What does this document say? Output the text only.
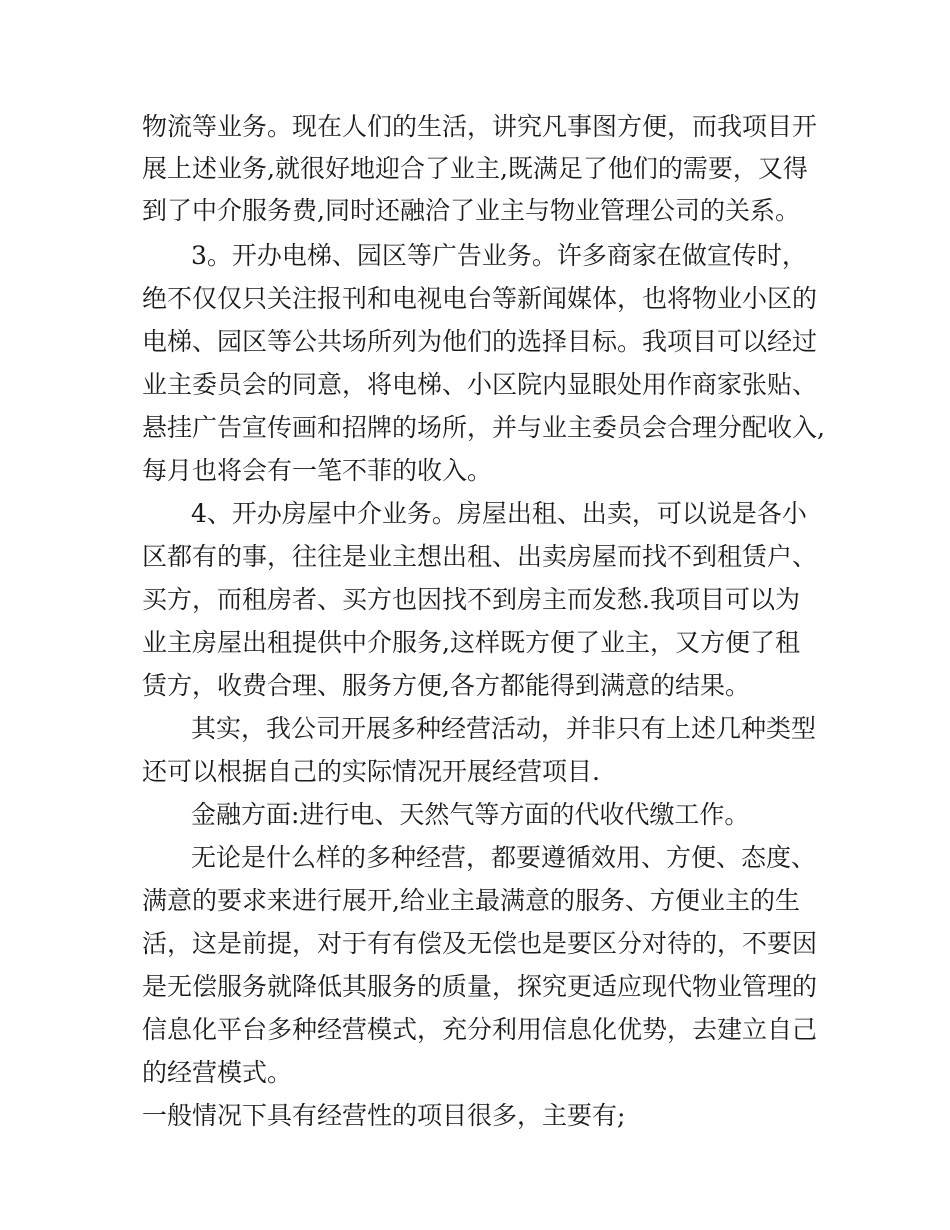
物流等业务。现在人们的生活，讲究凡事图方便，而我项目开
展上述业务,就很好地迎合了业主,既满足了他们的需要，又得
到了中介服务费,同时还融洽了业主与物业管理公司的关系。
3。开办电梯、园区等广告业务。许多商家在做宣传时，
绝不仅仅只关注报刊和电视电台等新闻媒体，也将物业小区的
电梯、园区等公共场所列为他们的选择目标。我项目可以经过
业主委员会的同意，将电梯、小区院内显眼处用作商家张贴、
悬挂广告宣传画和招牌的场所，并与业主委员会合理分配收入,
每月也将会有一笔不菲的收入。
4、开办房屋中介业务。房屋出租、出卖，可以说是各小
区都有的事，往往是业主想出租、出卖房屋而找不到租赁户、
买方，而租房者、买方也因找不到房主而发愁.我项目可以为
业主房屋出租提供中介服务,这样既方便了业主，又方便了租
赁方，收费合理、服务方便,各方都能得到满意的结果。
其实，我公司开展多种经营活动，并非只有上述几种类型
还可以根据自己的实际情况开展经营项目.
金融方面:进行电、天然气等方面的代收代缴工作。
无论是什么样的多种经营，都要遵循效用、方便、态度、
满意的要求来进行展开,给业主最满意的服务、方便业主的生
活，这是前提，对于有有偿及无偿也是要区分对待的，不要因
是无偿服务就降低其服务的质量，探究更适应现代物业管理的
信息化平台多种经营模式，充分利用信息化优势，去建立自己
的经营模式。
一般情况下具有经营性的项目很多，主要有;
